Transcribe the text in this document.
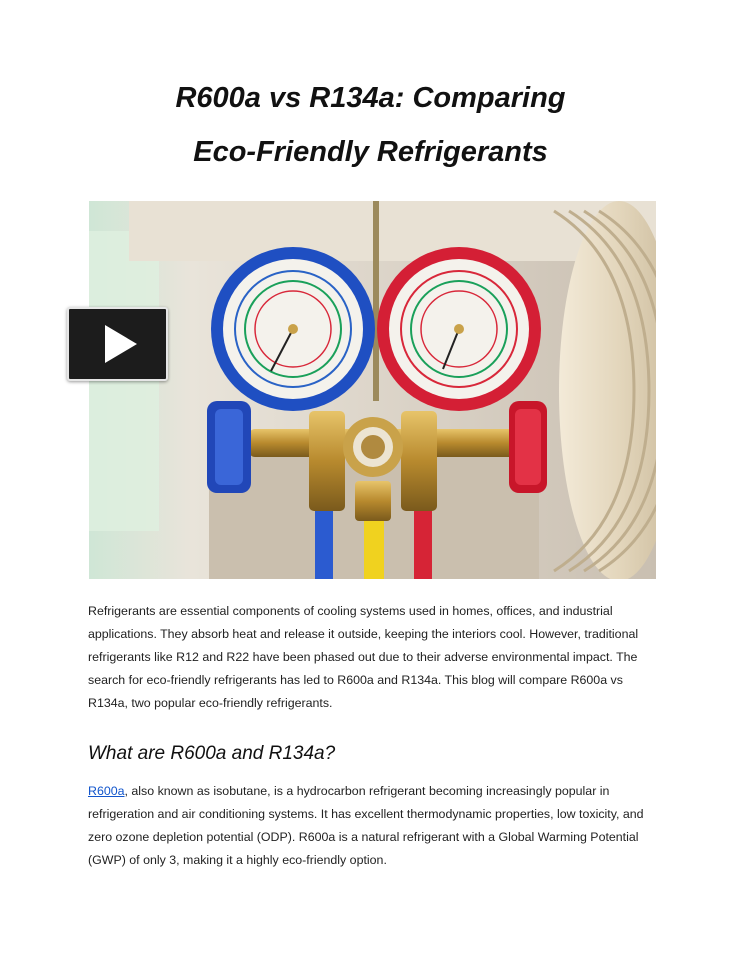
R600a vs R134a: Comparing
Eco-Friendly Refrigerants
Refrigerants are essential components of cooling systems used in homes, offices, and industrial applications. They absorb heat and release it outside, keeping the interiors cool. However, traditional refrigerants like R12 and R22 have been phased out due to their adverse environmental impact. The search for eco-friendly refrigerants has led to R600a and R134a. This blog will compare R600a vs R134a, two popular eco-friendly refrigerants.
What are R600a and R134a?
R600a, also known as isobutane, is a hydrocarbon refrigerant becoming increasingly popular in refrigeration and air conditioning systems. It has excellent thermodynamic properties, low toxicity, and zero ozone depletion potential (ODP). R600a is a natural refrigerant with a Global Warming Potential (GWP) of only 3, making it a highly eco-friendly option.
